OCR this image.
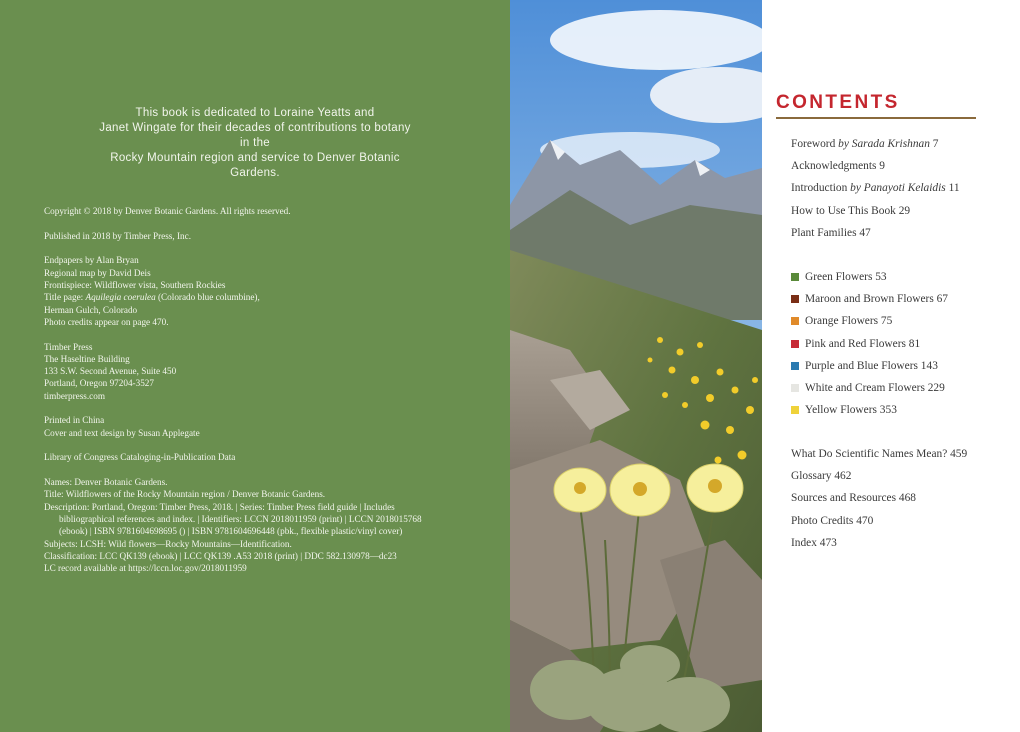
This book is dedicated to Loraine Yeatts and
Janet Wingate for their decades of contributions to botany in the
Rocky Mountain region and service to Denver Botanic Gardens.
Copyright © 2018 by Denver Botanic Gardens. All rights reserved.
Published in 2018 by Timber Press, Inc.
Endpapers by Alan Bryan
Regional map by David Deis
Frontispiece: Wildflower vista, Southern Rockies
Title page: Aquilegia coerulea (Colorado blue columbine),
Herman Gulch, Colorado
Photo credits appear on page 470.
Timber Press
The Haseltine Building
133 S.W. Second Avenue, Suite 450
Portland, Oregon 97204-3527
timberpress.com
Printed in China
Cover and text design by Susan Applegate
Library of Congress Cataloging-in-Publication Data
Names: Denver Botanic Gardens.
Title: Wildflowers of the Rocky Mountain region / Denver Botanic Gardens.
Description: Portland, Oregon: Timber Press, 2018. | Series: Timber Press field guide | Includes
bibliographical references and index. | Identifiers: LCCN 2018011959 (print) | LCCN 2018015768
(ebook) | ISBN 9781604698695 () | ISBN 9781604696448 (pbk., flexible plastic/vinyl cover)
Subjects: LCSH: Wild flowers—Rocky Mountains—Identification.
Classification: LCC QK139 (ebook) | LCC QK139 .A53 2018 (print) | DDC 582.130978—dc23
LC record available at https://lccn.loc.gov/2018011959
CONTENTS
Foreword by Sarada Krishnan 7
Acknowledgments 9
Introduction by Panayoti Kelaidis 11
How to Use This Book 29
Plant Families 47
Green Flowers 53
Maroon and Brown Flowers 67
Orange Flowers 75
Pink and Red Flowers 81
Purple and Blue Flowers 143
White and Cream Flowers 229
Yellow Flowers 353
What Do Scientific Names Mean? 459
Glossary 462
Sources and Resources 468
Photo Credits 470
Index 473
